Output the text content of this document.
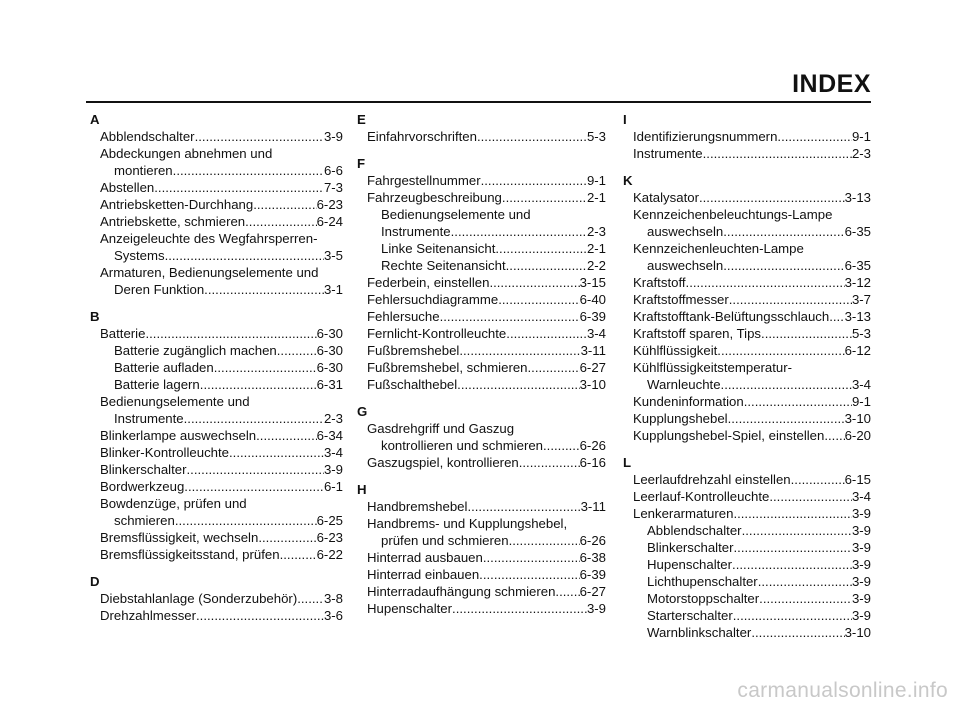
INDEX
A
Abblendschalter .....	3-9
Abdeckungen abnehmen und
montieren .....	6-6
Abstellen .....	7-3
Antriebsketten-Durchhang .....	6-23
Antriebskette, schmieren .....	6-24
Anzeigeleuchte des Wegfahrsperren-
Systems .....	3-5
Armaturen, Bedienungselemente und
Deren Funktion .....	3-1
B
Batterie .....	6-30
Batterie zugänglich machen .....	6-30
Batterie aufladen .....	6-30
Batterie lagern .....	6-31
Bedienungselemente und
Instrumente .....	2-3
Blinkerlampe auswechseln .....	6-34
Blinker-Kontrolleuchte .....	3-4
Blinkerschalter .....	3-9
Bordwerkzeug .....	6-1
Bowdenzüge, prüfen und
schmieren .....	6-25
Bremsflüssigkeit, wechseln .....	6-23
Bremsflüssigkeitsstand, prüfen .....	6-22
D
Diebstahlanlage (Sonderzubehör) ..... 3-8
Drehzahlmesser .....	3-6
E
Einfahrvorschriften .....	5-3
F
Fahrgestellnummer .....	9-1
Fahrzeugbeschreibung .....	2-1
Bedienungselemente und
Instrumente .....	2-3
Linke Seitenansicht .....	2-1
Rechte Seitenansicht .....	2-2
Federbein, einstellen .....	3-15
Fehlersuchdiagramme .....	6-40
Fehlersuche .....	6-39
Fernlicht-Kontrolleuchte .....	3-4
Fußbremshebel .....	3-11
Fußbremshebel, schmieren .....	6-27
Fußschalthebel .....	3-10
G
Gasdrehgriff und Gaszug
kontrollieren und schmieren .....	6-26
Gaszugspiel, kontrollieren .....	6-16
H
Handbremshebel .....	3-11
Handbrems- und Kupplungshebel,
prüfen und schmieren .....	6-26
Hinterrad ausbauen .....	6-38
Hinterrad einbauen .....	6-39
Hinterradaufhängung schmieren ..... 6-27
Hupenschalter .....	3-9
I
Identifizierungsnummern .....	9-1
Instrumente .....	2-3
K
Katalysator .....	3-13
Kennzeichenbeleuchtungs-Lampe
auswechseln .....	6-35
Kennzeichenleuchten-Lampe
auswechseln .....	6-35
Kraftstoff .....	3-12
Kraftstoffmesser .....	3-7
Kraftstofftank-Belüftungsschlauch ..... 3-13
Kraftstoff sparen, Tips .....	5-3
Kühlflüssigkeit .....	6-12
Kühlflüssigkeitstemperatur-
Warnleuchte .....	3-4
Kundeninformation .....	9-1
Kupplungshebel .....	3-10
Kupplungshebel-Spiel, einstellen ..... 6-20
L
Leerlaufdrehzahl einstellen .....	6-15
Leerlauf-Kontrolleuchte .....	3-4
Lenkerarmaturen .....	3-9
Abblendschalter .....	3-9
Blinkerschalter .....	3-9
Hupenschalter .....	3-9
Lichthupenschalter .....	3-9
Motorstoppschalter .....	3-9
Starterschalter .....	3-9
Warnblinkschalter .....	3-10
carmanualsonline.info
